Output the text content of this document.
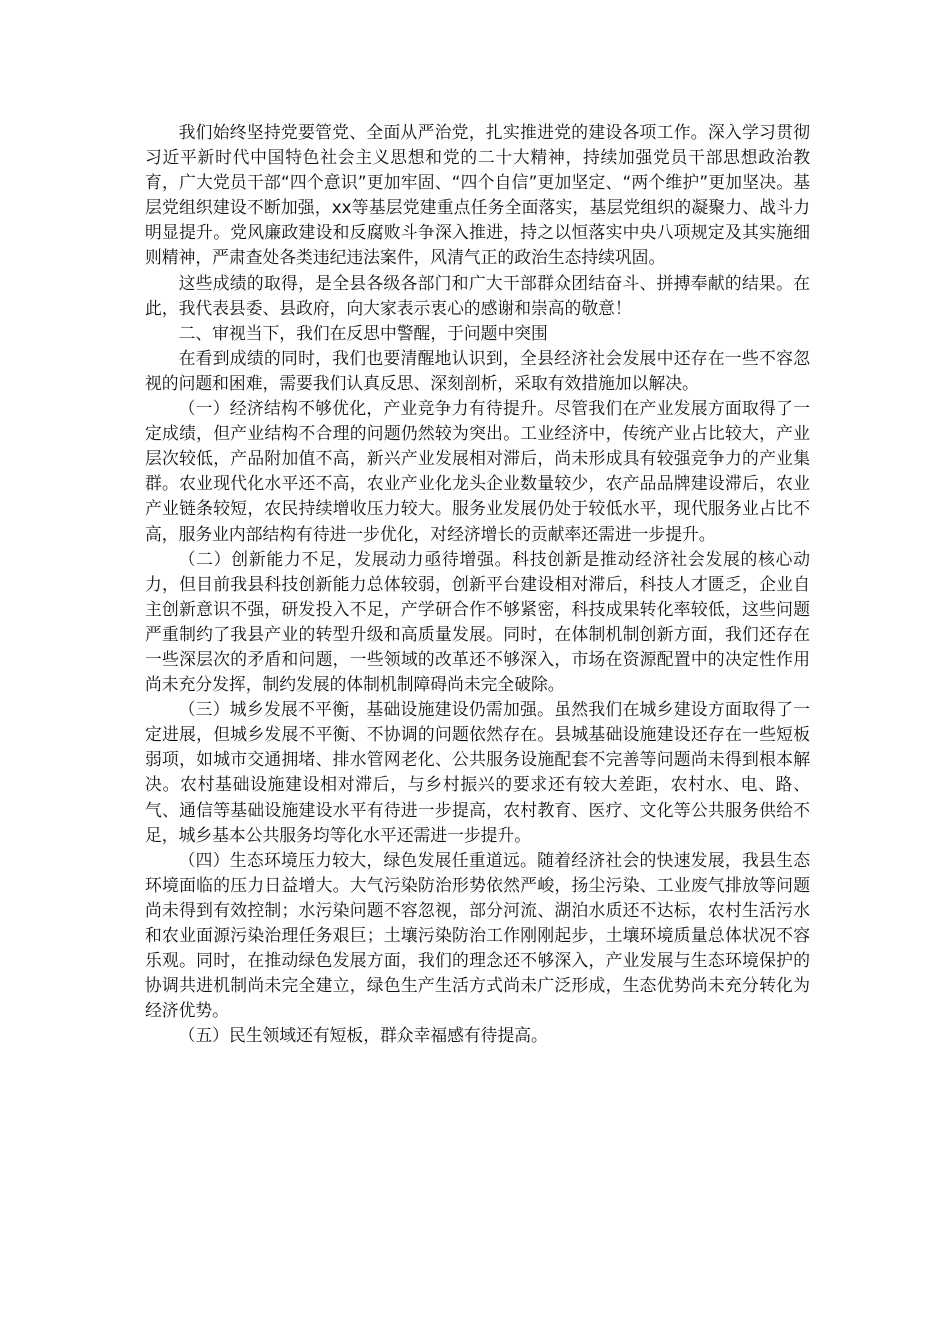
我们始终坚持党要管党、全面从严治党，扎实推进党的建设各项工作。深入学习贯彻习近平新时代中国特色社会主义思想和党的二十大精神，持续加强党员干部思想政治教育，广大党员干部“四个意识”更加牢固、“四个自信”更加坚定、“两个维护”更加坚决。基层党组织建设不断加强，xx等基层党建重点任务全面落实，基层党组织的凝聚力、战斗力明显提升。党风廉政建设和反腐败斗争深入推进，持之以恒落实中央八项规定及其实施细则精神，严肃查处各类违纪违法案件，风清气正的政治生态持续巩固。

这些成绩的取得，是全县各级各部门和广大干部群众团结奋斗、拼搏奉献的结果。在此，我代表县委、县政府，向大家表示衷心的感谢和崇高的敬意！

二、审视当下，我们在反思中警醒，于问题中突围

在看到成绩的同时，我们也要清醒地认识到，全县经济社会发展中还存在一些不容忽视的问题和困难，需要我们认真反思、深刻剖析，采取有效措施加以解决。

（一）经济结构不够优化，产业竞争力有待提升。尽管我们在产业发展方面取得了一定成绩，但产业结构不合理的问题仍然较为突出。工业经济中，传统产业占比较大，产业层次较低，产品附加值不高，新兴产业发展相对滞后，尚未形成具有较强竞争力的产业集群。农业现代化水平还不高，农业产业化龙头企业数量较少，农产品品牌建设滞后，农业产业链条较短，农民持续增收压力较大。服务业发展仍处于较低水平，现代服务业占比不高，服务业内部结构有待进一步优化，对经济增长的贡献率还需进一步提升。

（二）创新能力不足，发展动力亟待增强。科技创新是推动经济社会发展的核心动力，但目前我县科技创新能力总体较弱，创新平台建设相对滞后，科技人才匮乏，企业自主创新意识不强，研发投入不足，产学研合作不够紧密，科技成果转化率较低，这些问题严重制约了我县产业的转型升级和高质量发展。同时，在体制机制创新方面，我们还存在一些深层次的矛盾和问题，一些领域的改革还不够深入，市场在资源配置中的决定性作用尚未充分发挥，制约发展的体制机制障碍尚未完全破除。

（三）城乡发展不平衡，基础设施建设仍需加强。虽然我们在城乡建设方面取得了一定进展，但城乡发展不平衡、不协调的问题依然存在。县城基础设施建设还存在一些短板弱项，如城市交通拥堵、排水管网老化、公共服务设施配套不完善等问题尚未得到根本解决。农村基础设施建设相对滞后，与乡村振兴的要求还有较大差距，农村水、电、路、气、通信等基础设施建设水平有待进一步提高，农村教育、医疗、文化等公共服务供给不足，城乡基本公共服务均等化水平还需进一步提升。

（四）生态环境压力较大，绿色发展任重道远。随着经济社会的快速发展，我县生态环境面临的压力日益增大。大气污染防治形势依然严峻，扬尘污染、工业废气排放等问题尚未得到有效控制；水污染问题不容忽视，部分河流、湖泊水质还不达标，农村生活污水和农业面源污染治理任务艰巨；土壤污染防治工作刚刚起步，土壤环境质量总体状况不容乐观。同时，在推动绿色发展方面，我们的理念还不够深入，产业发展与生态环境保护的协调共进机制尚未完全建立，绿色生产生活方式尚未广泛形成，生态优势尚未充分转化为经济优势。

（五）民生领域还有短板，群众幸福感有待提高。
